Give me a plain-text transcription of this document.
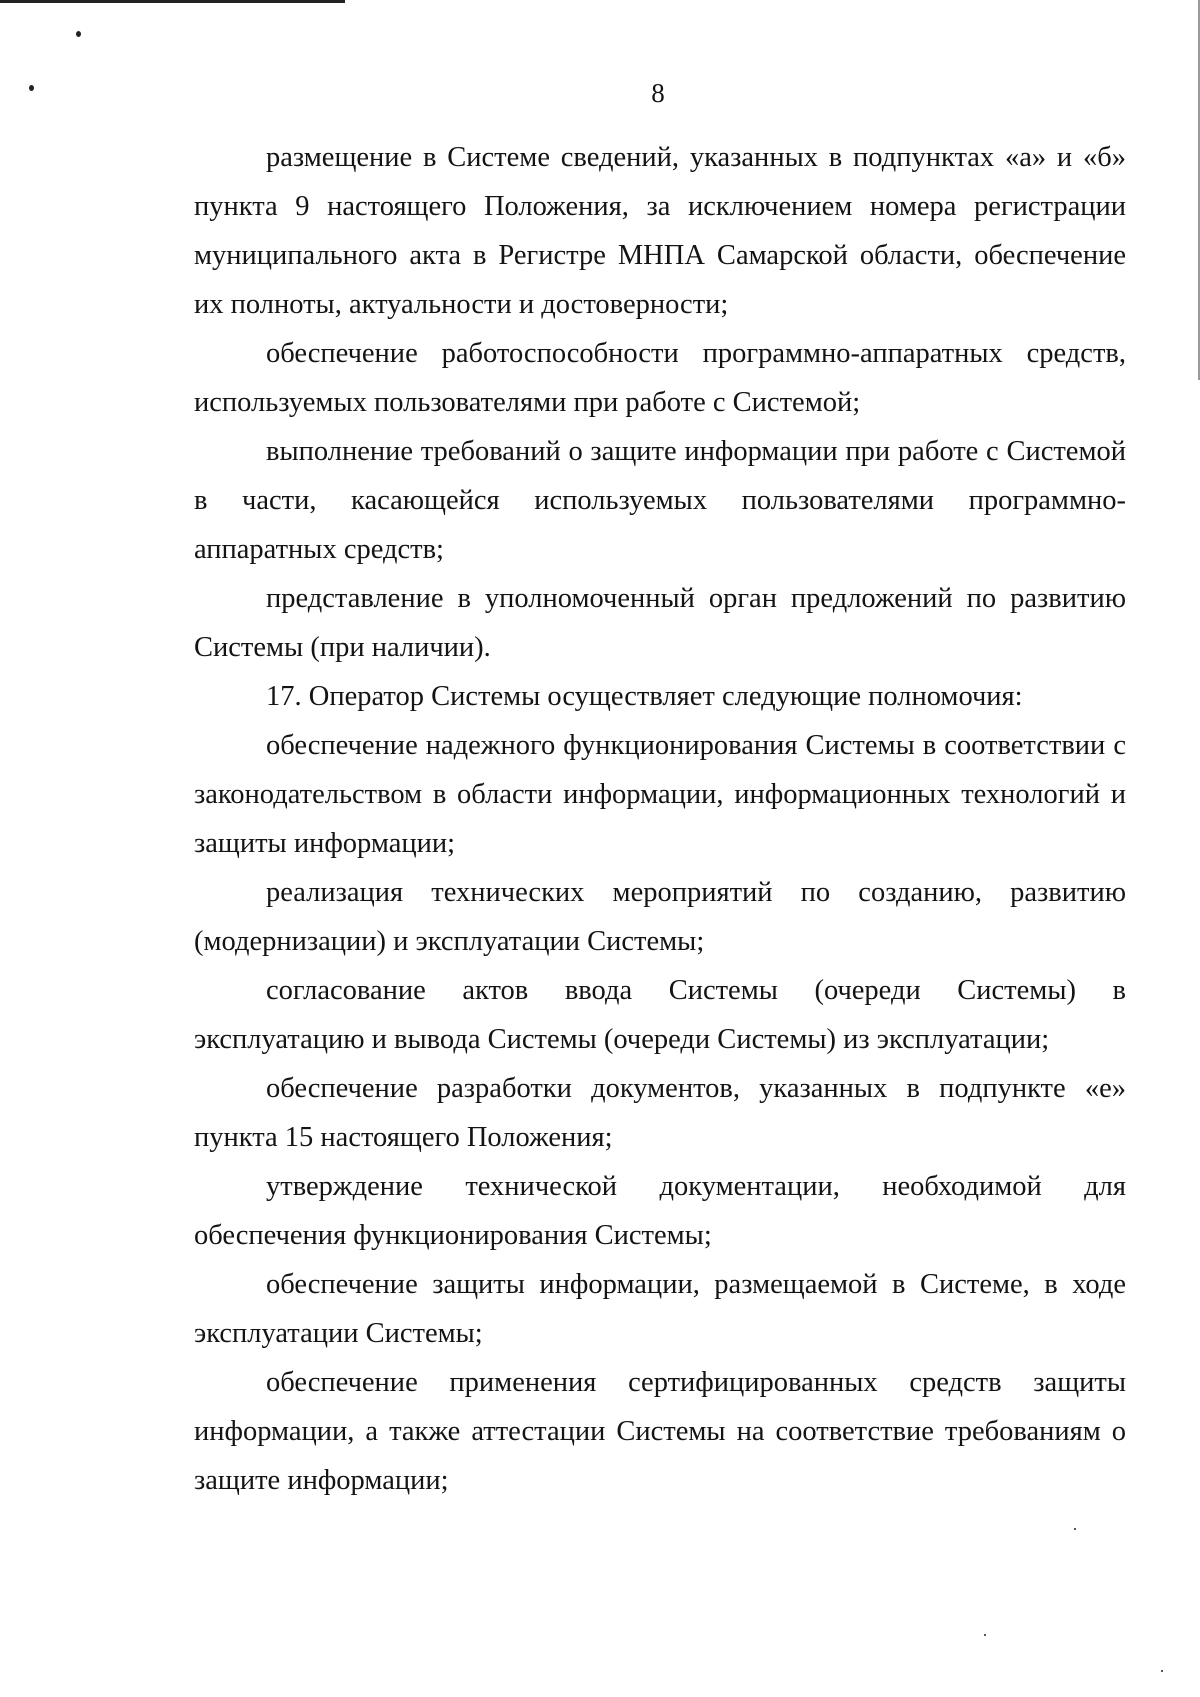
8

размещение в Системе сведений, указанных в подпунктах «а» и «б» пункта 9 настоящего Положения, за исключением номера регистрации муниципального акта в Регистре МНПА Самарской области, обеспечение их полноты, актуальности и достоверности;

обеспечение работоспособности программно-аппаратных средств, используемых пользователями при работе с Системой;

выполнение требований о защите информации при работе с Системой в части, касающейся используемых пользователями программно-аппаратных средств;

представление в уполномоченный орган предложений по развитию Системы (при наличии).

17. Оператор Системы осуществляет следующие полномочия:

обеспечение надежного функционирования Системы в соответствии с законодательством в области информации, информационных технологий и защиты информации;

реализация технических мероприятий по созданию, развитию (модернизации) и эксплуатации Системы;

согласование актов ввода Системы (очереди Системы) в эксплуатацию и вывода Системы (очереди Системы) из эксплуатации;

обеспечение разработки документов, указанных в подпункте «е» пункта 15 настоящего Положения;

утверждение технической документации, необходимой для обеспечения функционирования Системы;

обеспечение защиты информации, размещаемой в Системе, в ходе эксплуатации Системы;

обеспечение применения сертифицированных средств защиты информации, а также аттестации Системы на соответствие требованиям о защите информации;
